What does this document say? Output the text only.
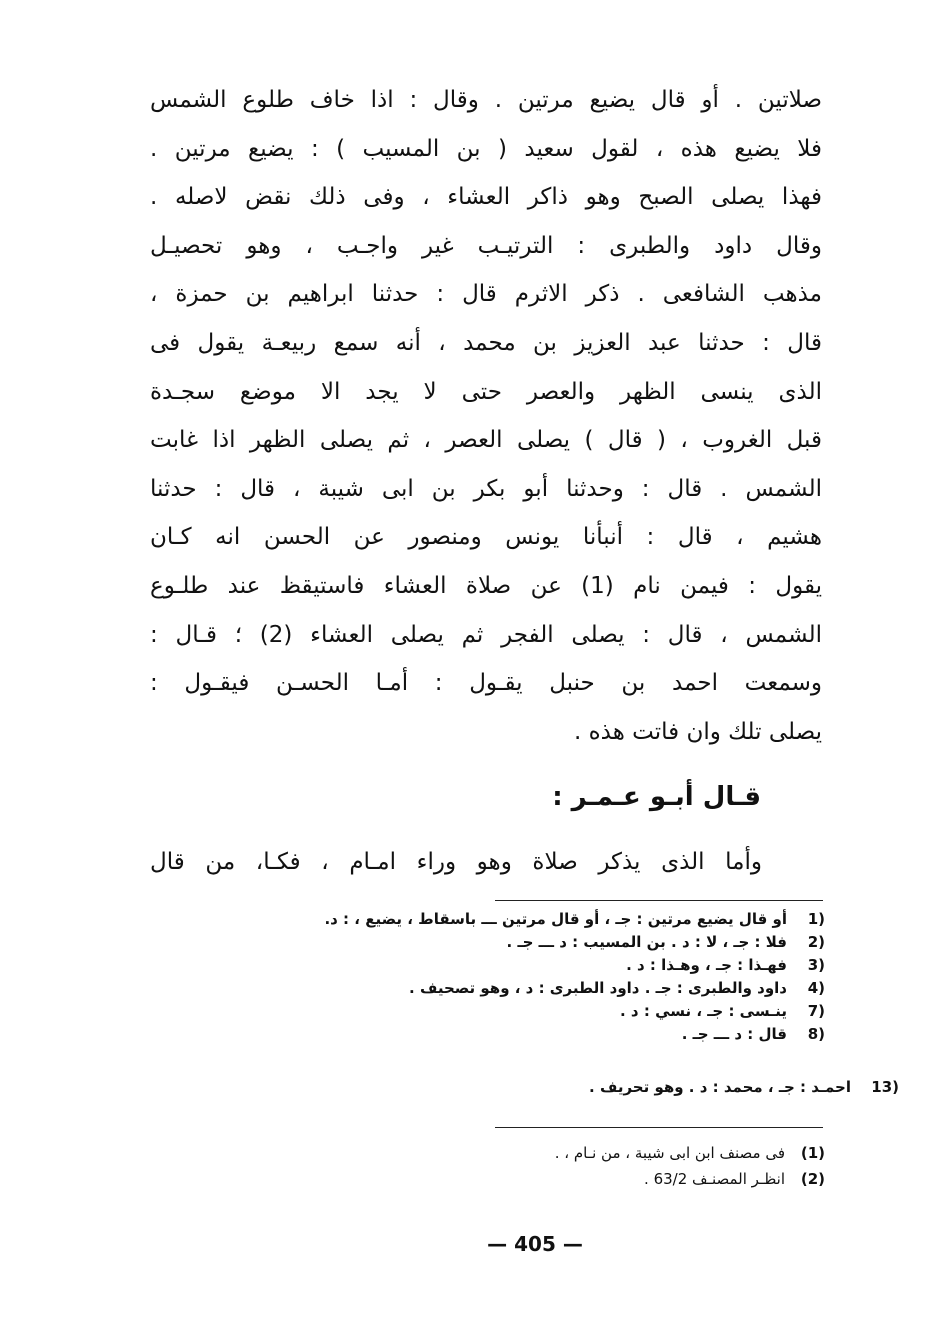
صلاتين . أو قال يضيع مرتين . وقال : اذا خاف طلوع الشمس
فلا يضيع هذه ، لقول سعيد ( بن المسيب ) : يضيع مرتين .
فهذا يصلى الصبح وهو ذاكر العشاء ، وفى ذلك نقض لاصله .
وقال داود والطبرى : الترتيـب غير واجـب ، وهو تحصيـل
مذهب الشافعى . ذكر الاثرم قال : حدثنا ابراهيم بن حمزة ،
قال : حدثنا عبد العزيز بن محمد ، أنه سمع ربيعـة يقول فى
الذى ينسى الظهر والعصر حتى لا يجد الا موضع سجـدة
قبل الغروب ، ( قال ) يصلى العصر ، ثم يصلى الظهر اذا غابت
الشمس . قال : وحدثنا أبو بكر بن ابى شيبة ، قال : حدثنا
هشيم ، قال : أنبأنا يونس ومنصور عن الحسن انه كـان
يقول : فيمن نام (1) عن صلاة العشاء فاستيقظ عند طلـوع
الشمس ، قال : يصلى الفجر ثم يصلى العشاء (2) ؛ قـال :
وسمعت احمد بن حنبل يقـول : أمـا الحسـن فيقـول :
يصلى تلك وان فاتت هذه .
قـال أبـو عـمـر :
وأما الذى يذكر صلاة وهو وراء امـام ، فكـا، من قال
1)
أو قال يضيع مرتين : جـ ، أو قال مرتين ـــ باسقاط ، يضيع ، : د.
2)
فلا : جـ ، لا : د . بن المسيب : د ـــ جـ .
3)
فهـذا : جـ ، وهـذا : د .
4)
داود والطبرى : جـ . داود الطبرى : د ، وهو تصحيف .
7)
ينـسى : جـ ، نسي : د .
8)
قال : د ـــ جـ .
13)
احمـد : جـ ، محمد : د . وهو تحريف .
(1)
فى مصنف ابن ابى شيبة ، من نـام ، .
(2)
انظـر المصنـف 63/2 .
— 405 —
